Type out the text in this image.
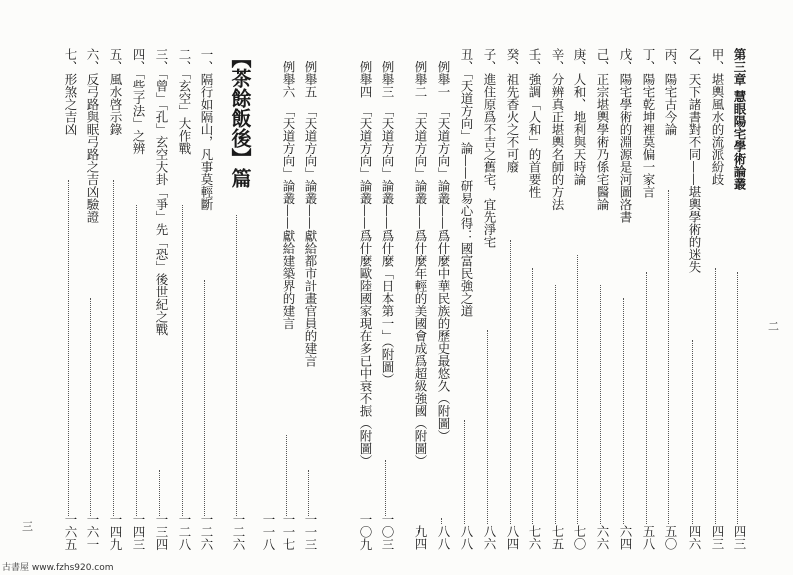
第三章 慧眼陽宅學術論叢
四三
甲、堪輿風水的流派紛歧
四三
乙、天下諸書對不同——堪輿學術的迷失
四六
丙、陽宅古今論
五〇
丁、陽宅乾坤裡莫偏一家言
五八
戊、陽宅學術的淵源是河圖洛書
六四
己、正宗堪輿學術乃係宅醫論
六六
庚、人和、地利與天時論
七〇
辛、分辨真正堪輿名師的方法
七五
壬、強調「人和」的首要性
七六
癸、祖先香火之不可廢
八四
子、進住原爲不吉之舊宅，宜先淨宅
八六
丑、「天道方向」論——研易心得：國富民強之道
八八
　例舉一　「天道方向」論叢——爲什麼中華民族的歷史最悠久（附圖）
八八
　例舉二　「天道方向」論叢——爲什麼年輕的美國會成爲超級強國（附圖）
九四
　例舉三　「天道方向」論叢——爲什麼「日本第一」（附圖）
一〇三
　例舉四　「天道方向」論叢——爲什麼歐陸國家現在多已中衰不振（附圖）
一〇九
　例舉五　「天道方向」論叢——獻給都市計畫官員的建言
一一三
　例舉六　「天道方向」論叢——獻給建築界的建言
一一七
一一八
【茶餘飯後】篇
一二六
一、隔行如隔山，凡事莫輕斷
一二六
二、「玄空」大作戰
一二八
三、「曾」「孔」玄空大卦「爭」先「恐」後世紀之戰
一三四
四、「些子法」之辨
一四三
五、風水啓示錄
一四九
六、反弓路與眠弓路之吉凶驗證
一六一
七、形煞之吉凶
一六五
二
三
古書屋 www.fzhs920.com
